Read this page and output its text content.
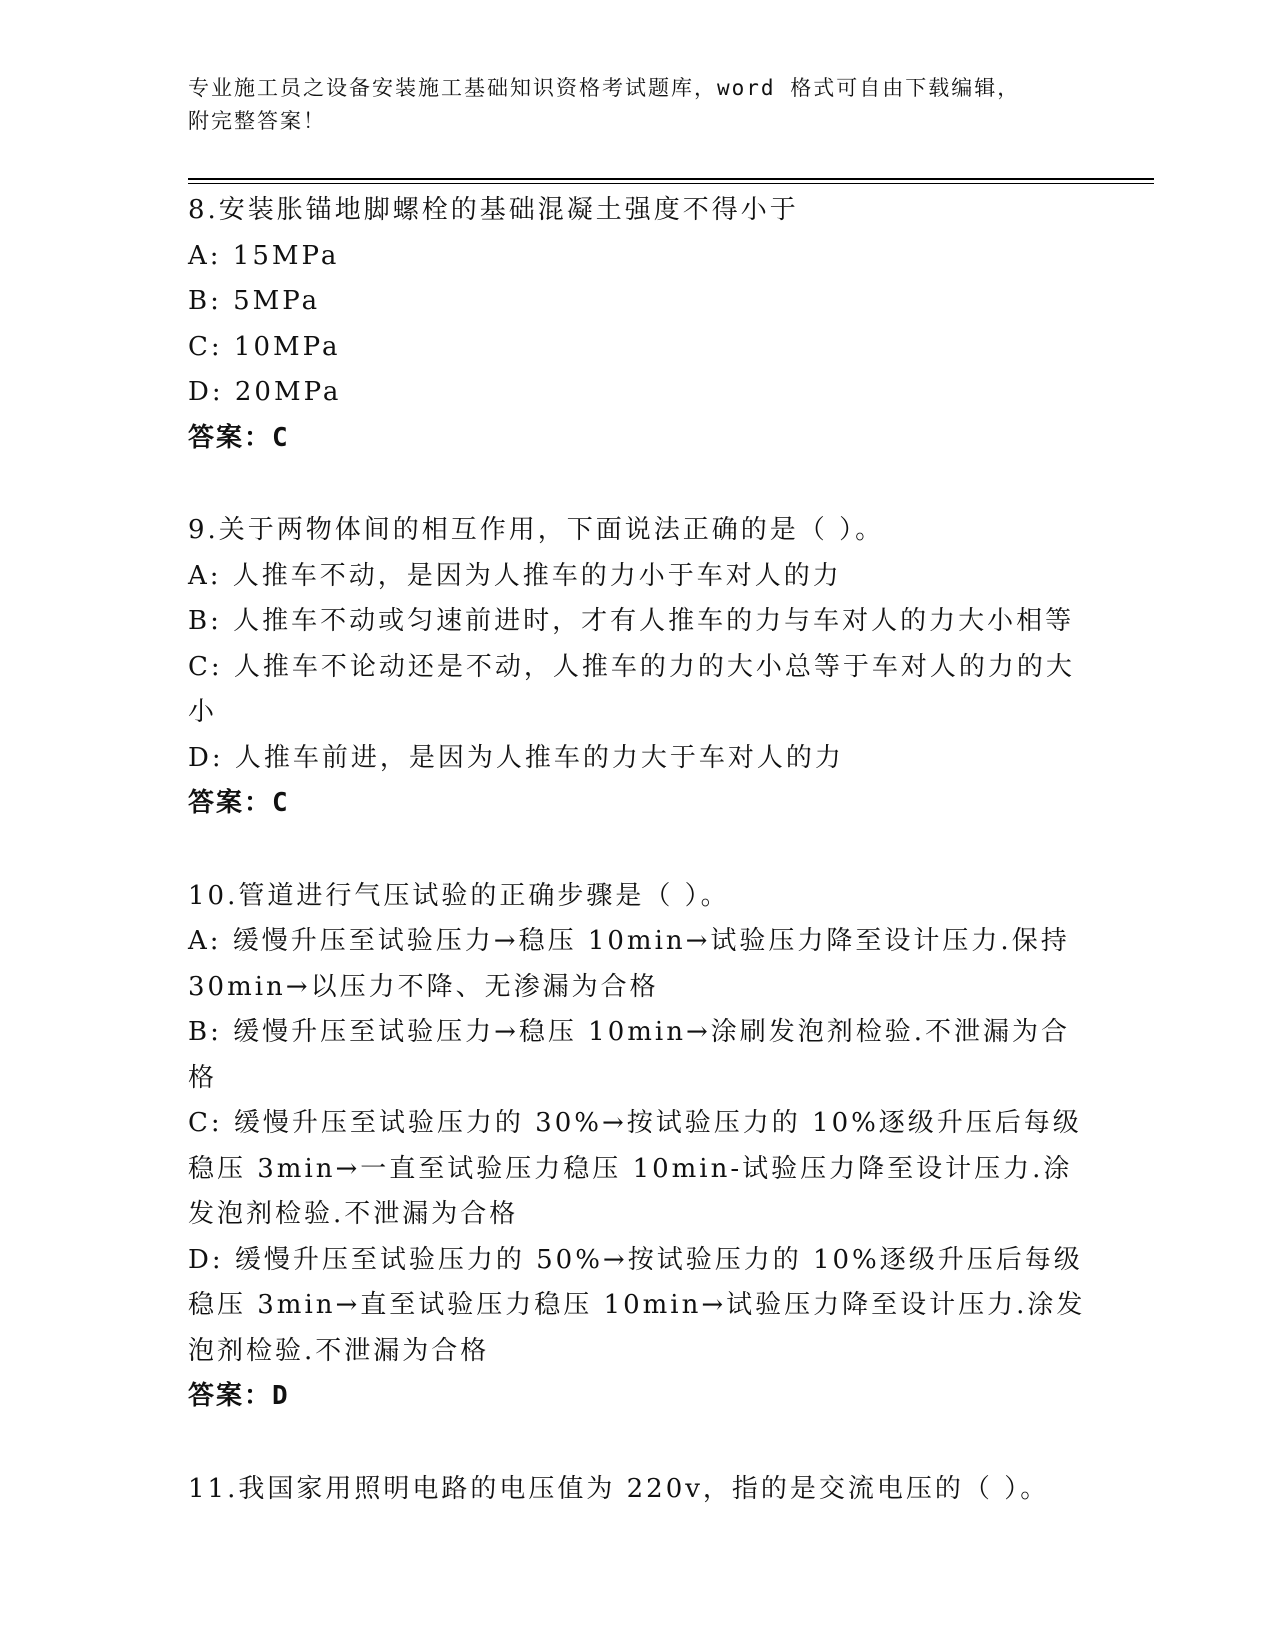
专业施工员之设备安装施工基础知识资格考试题库，word 格式可自由下载编辑，
附完整答案！
8.安装胀锚地脚螺栓的基础混凝土强度不得小于
A: 15MPa
B: 5MPa
C: 10MPa
D: 20MPa
答案：C
9.关于两物体间的相互作用，下面说法正确的是（ ）。
A: 人推车不动，是因为人推车的力小于车对人的力
B: 人推车不动或匀速前进时，才有人推车的力与车对人的力大小相等
C: 人推车不论动还是不动，人推车的力的大小总等于车对人的力的大小
D: 人推车前进，是因为人推车的力大于车对人的力
答案：C
10.管道进行气压试验的正确步骤是（ ）。
A: 缓慢升压至试验压力→稳压 10min→试验压力降至设计压力.保持 30min→以压力不降、无渗漏为合格
B: 缓慢升压至试验压力→稳压 10min→涂刷发泡剂检验.不泄漏为合格
C: 缓慢升压至试验压力的 30%→按试验压力的 10%逐级升压后每级稳压 3min→一直至试验压力稳压 10min-试验压力降至设计压力.涂发泡剂检验.不泄漏为合格
D: 缓慢升压至试验压力的 50%→按试验压力的 10%逐级升压后每级稳压 3min→直至试验压力稳压 10min→试验压力降至设计压力.涂发泡剂检验.不泄漏为合格
答案：D
11.我国家用照明电路的电压值为 220v，指的是交流电压的（ ）。
